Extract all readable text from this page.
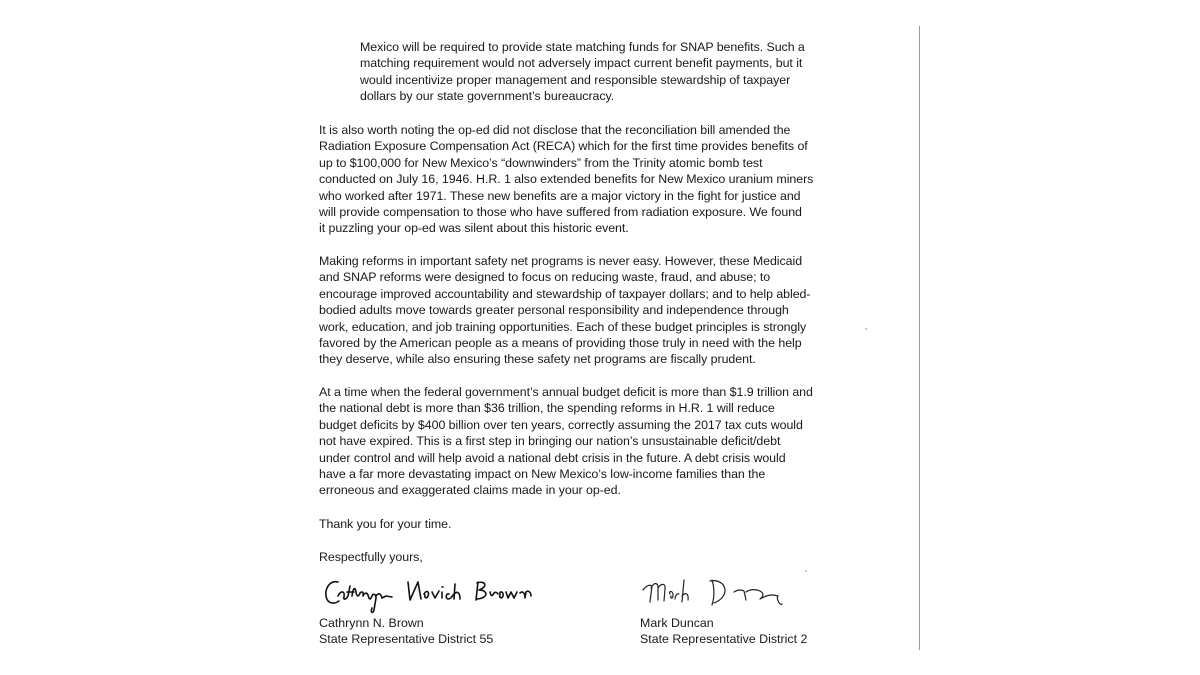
Mexico will be required to provide state matching funds for SNAP benefits. Such a
matching requirement would not adversely impact current benefit payments, but it
would incentivize proper management and responsible stewardship of taxpayer
dollars by our state government’s bureaucracy.
It is also worth noting the op-ed did not disclose that the reconciliation bill amended the
Radiation Exposure Compensation Act (RECA) which for the first time provides benefits of
up to $100,000 for New Mexico’s “downwinders” from the Trinity atomic bomb test
conducted on July 16, 1946. H.R. 1 also extended benefits for New Mexico uranium miners
who worked after 1971. These new benefits are a major victory in the fight for justice and
will provide compensation to those who have suffered from radiation exposure. We found
it puzzling your op-ed was silent about this historic event.
Making reforms in important safety net programs is never easy. However, these Medicaid
and SNAP reforms were designed to focus on reducing waste, fraud, and abuse; to
encourage improved accountability and stewardship of taxpayer dollars; and to help abled-
bodied adults move towards greater personal responsibility and independence through
work, education, and job training opportunities. Each of these budget principles is strongly
favored by the American people as a means of providing those truly in need with the help
they deserve, while also ensuring these safety net programs are fiscally prudent.
At a time when the federal government’s annual budget deficit is more than $1.9 trillion and
the national debt is more than $36 trillion, the spending reforms in H.R. 1 will reduce
budget deficits by $400 billion over ten years, correctly assuming the 2017 tax cuts would
not have expired. This is a first step in bringing our nation’s unsustainable deficit/debt
under control and will help avoid a national debt crisis in the future. A debt crisis would
have a far more devastating impact on New Mexico’s low-income families than the
erroneous and exaggerated claims made in your op-ed.
Thank you for your time.
Respectfully yours,
Cathrynn N. Brown
State Representative District 55
Mark Duncan
State Representative District 2
